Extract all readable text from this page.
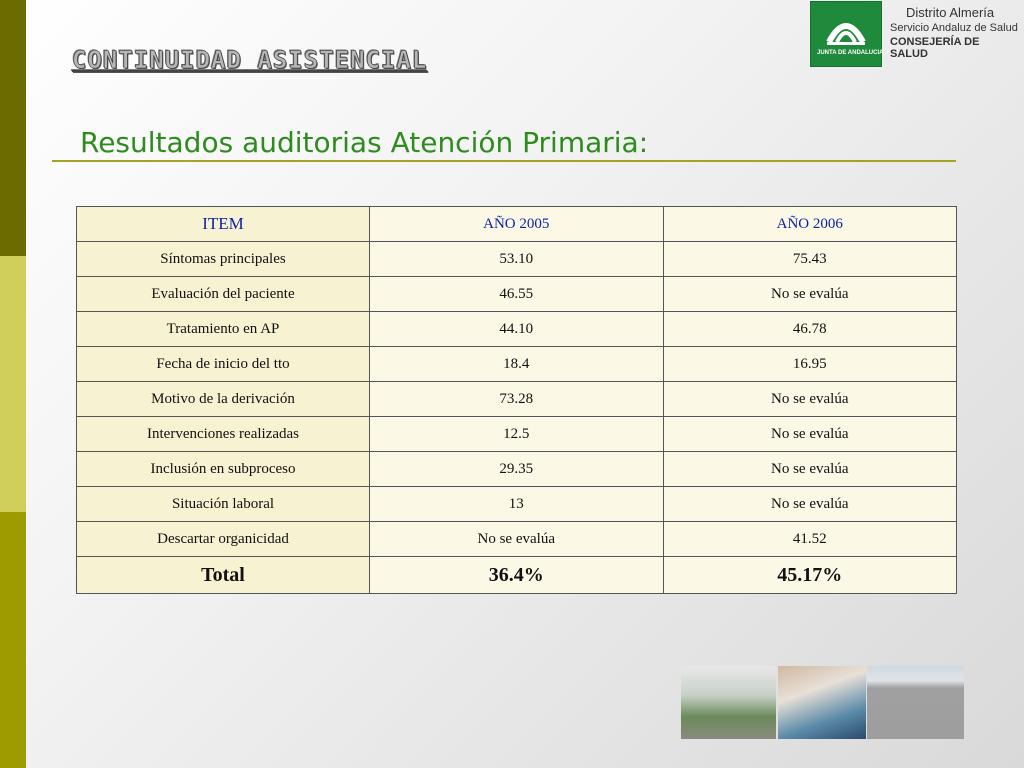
CONTINUIDAD ASISTENCIAL
Resultados auditorias Atención Primaria:
JUNTA DE ANDALUCIA
Distrito Almería
Servicio Andaluz de Salud
CONSEJERÍA DE SALUD
ITEM	AÑO 2005	AÑO 2006
Síntomas principales	53.10	75.43
Evaluación del paciente	46.55	No se evalúa
Tratamiento en AP	44.10	46.78
Fecha de inicio del tto	18.4	16.95
Motivo de la derivación	73.28	No se evalúa
Intervenciones realizadas	12.5	No se evalúa
Inclusión en subproceso	29.35	No se evalúa
Situación laboral	13	No se evalúa
Descartar organicidad	No se evalúa	41.52
Total	36.4%	45.17%
